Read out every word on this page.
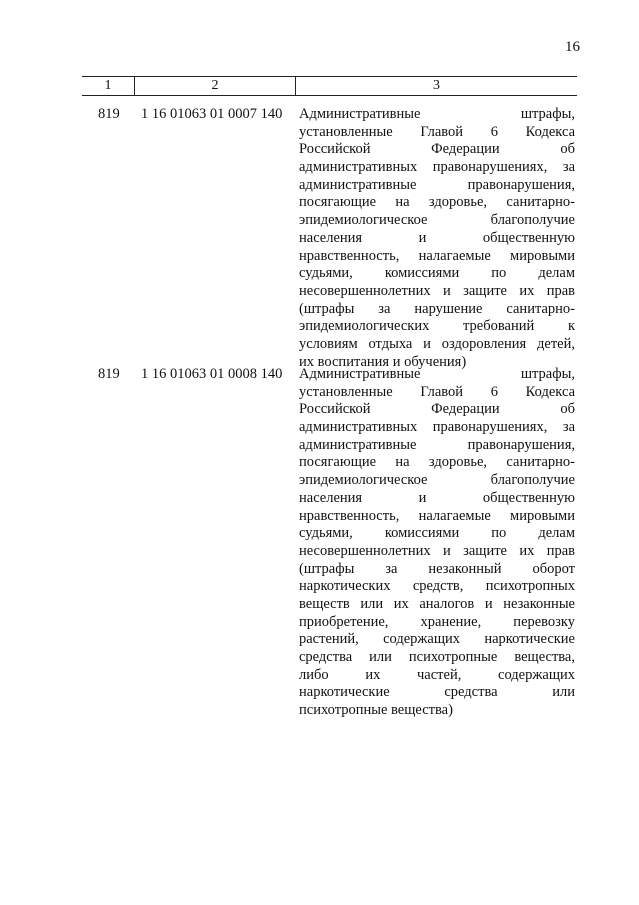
16
1	2	3
819 1 16 01063 01 0007 140 Административные штрафы,
установленные Главой 6 Кодекса
Российской Федерации об
административных правонарушениях, за
административные правонарушения,
посягающие на здоровье, санитарно-
эпидемиологическое благополучие
населения и общественную
нравственность, налагаемые мировыми
судьями, комиссиями по делам
несовершеннолетних и защите их прав
(штрафы за нарушение санитарно-
эпидемиологических требований к
условиям отдыха и оздоровления детей,
их воспитания и обучения)
819 1 16 01063 01 0008 140 Административные штрафы,
установленные Главой 6 Кодекса
Российской Федерации об
административных правонарушениях, за
административные правонарушения,
посягающие на здоровье, санитарно-
эпидемиологическое благополучие
населения и общественную
нравственность, налагаемые мировыми
судьями, комиссиями по делам
несовершеннолетних и защите их прав
(штрафы за незаконный оборот
наркотических средств, психотропных
веществ или их аналогов и незаконные
приобретение, хранение, перевозку
растений, содержащих наркотические
средства или психотропные вещества,
либо их частей, содержащих
наркотические средства или
психотропные вещества)
